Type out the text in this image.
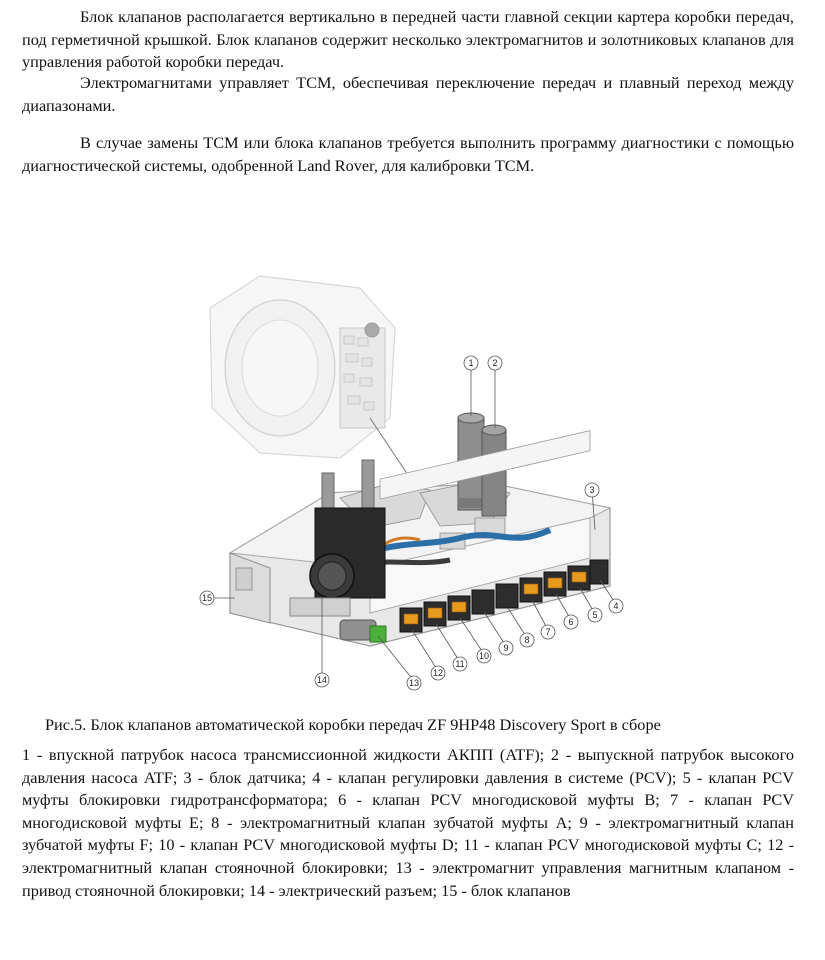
Блок клапанов располагается вертикально в передней части главной секции картера коробки передач, под герметичной крышкой. Блок клапанов содержит несколько электромагнитов и золотниковых клапанов для управления работой коробки передач.

Электромагнитами управляет TCM, обеспечивая переключение передач и плавный переход между диапазонами.

В случае замены TCM или блока клапанов требуется выполнить программу диагностики с помощью диагностической системы, одобренной Land Rover, для калибровки TCM.

1 2
3
4
5
6
7
8
9
10
11
12
13
14
15
Рис.5. Блок клапанов автоматической коробки передач ZF 9HP48 Discovery Sport в сборе

1 - впускной патрубок насоса трансмиссионной жидкости АКПП (ATF); 2 - выпускной патрубок высокого давления насоса ATF; 3 - блок датчика; 4 - клапан регулировки давления в системе (PCV); 5 - клапан PCV муфты блокировки гидротрансформатора; 6 - клапан PCV многодисковой муфты B; 7 - клапан PCV многодисковой муфты E; 8 - электромагнитный клапан зубчатой муфты A; 9 - электромагнитный клапан зубчатой муфты F; 10 - клапан PCV многодисковой муфты D; 11 - клапан PCV многодисковой муфты C; 12 - электромагнитный клапан стояночной блокировки; 13 - электромагнит управления магнитным клапаном - привод стояночной блокировки; 14 - электрический разъем; 15 - блок клапанов
